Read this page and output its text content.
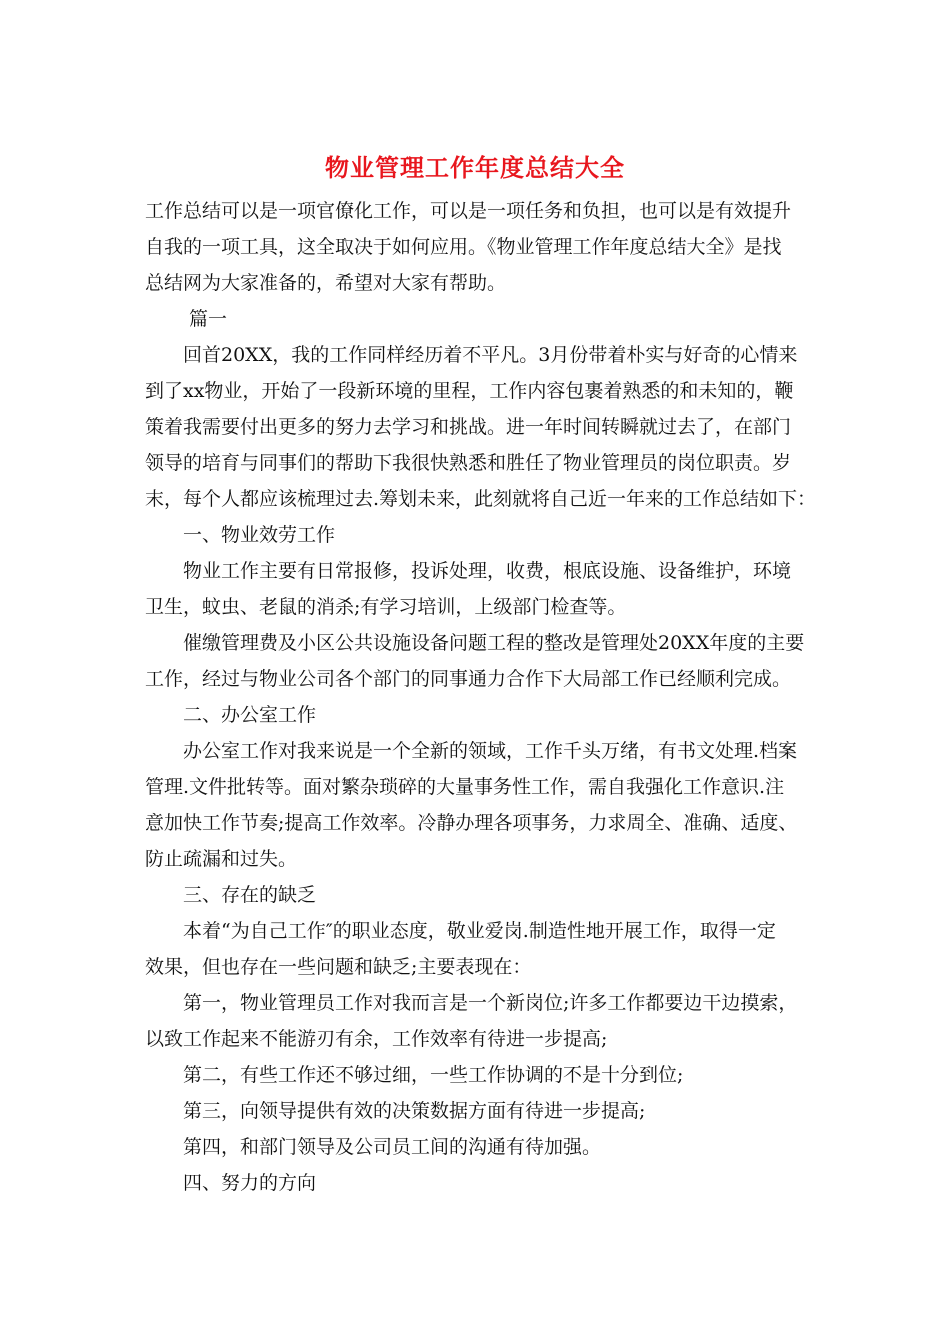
物业管理工作年度总结大全
工作总结可以是一项官僚化工作，可以是一项任务和负担，也可以是有效提升
自我的一项工具，这全取决于如何应用。《物业管理工作年度总结大全》是找
总结网为大家准备的，希望对大家有帮助。
篇一
回首20XX，我的工作同样经历着不平凡。3月份带着朴实与好奇的心情来
到了xx物业，开始了一段新环境的里程，工作内容包裹着熟悉的和未知的，鞭
策着我需要付出更多的努力去学习和挑战。进一年时间转瞬就过去了，在部门
领导的培育与同事们的帮助下我很快熟悉和胜任了物业管理员的岗位职责。岁
末，每个人都应该梳理过去.筹划未来，此刻就将自己近一年来的工作总结如下：
一、物业效劳工作
物业工作主要有日常报修，投诉处理，收费，根底设施、设备维护，环境
卫生，蚊虫、老鼠的消杀;有学习培训，上级部门检查等。
催缴管理费及小区公共设施设备问题工程的整改是管理处20XX年度的主要
工作，经过与物业公司各个部门的同事通力合作下大局部工作已经顺利完成。
二、办公室工作
办公室工作对我来说是一个全新的领域，工作千头万绪，有书文处理.档案
管理.文件批转等。面对繁杂琐碎的大量事务性工作，需自我强化工作意识.注
意加快工作节奏;提高工作效率。冷静办理各项事务，力求周全、准确、适度、
防止疏漏和过失。
三、存在的缺乏
本着“为自己工作″的职业态度，敬业爱岗.制造性地开展工作，取得一定
效果，但也存在一些问题和缺乏;主要表现在：
第一，物业管理员工作对我而言是一个新岗位;许多工作都要边干边摸索，
以致工作起来不能游刃有余，工作效率有待进一步提高;
第二，有些工作还不够过细，一些工作协调的不是十分到位;
第三，向领导提供有效的决策数据方面有待进一步提高;
第四，和部门领导及公司员工间的沟通有待加强。
四、努力的方向
